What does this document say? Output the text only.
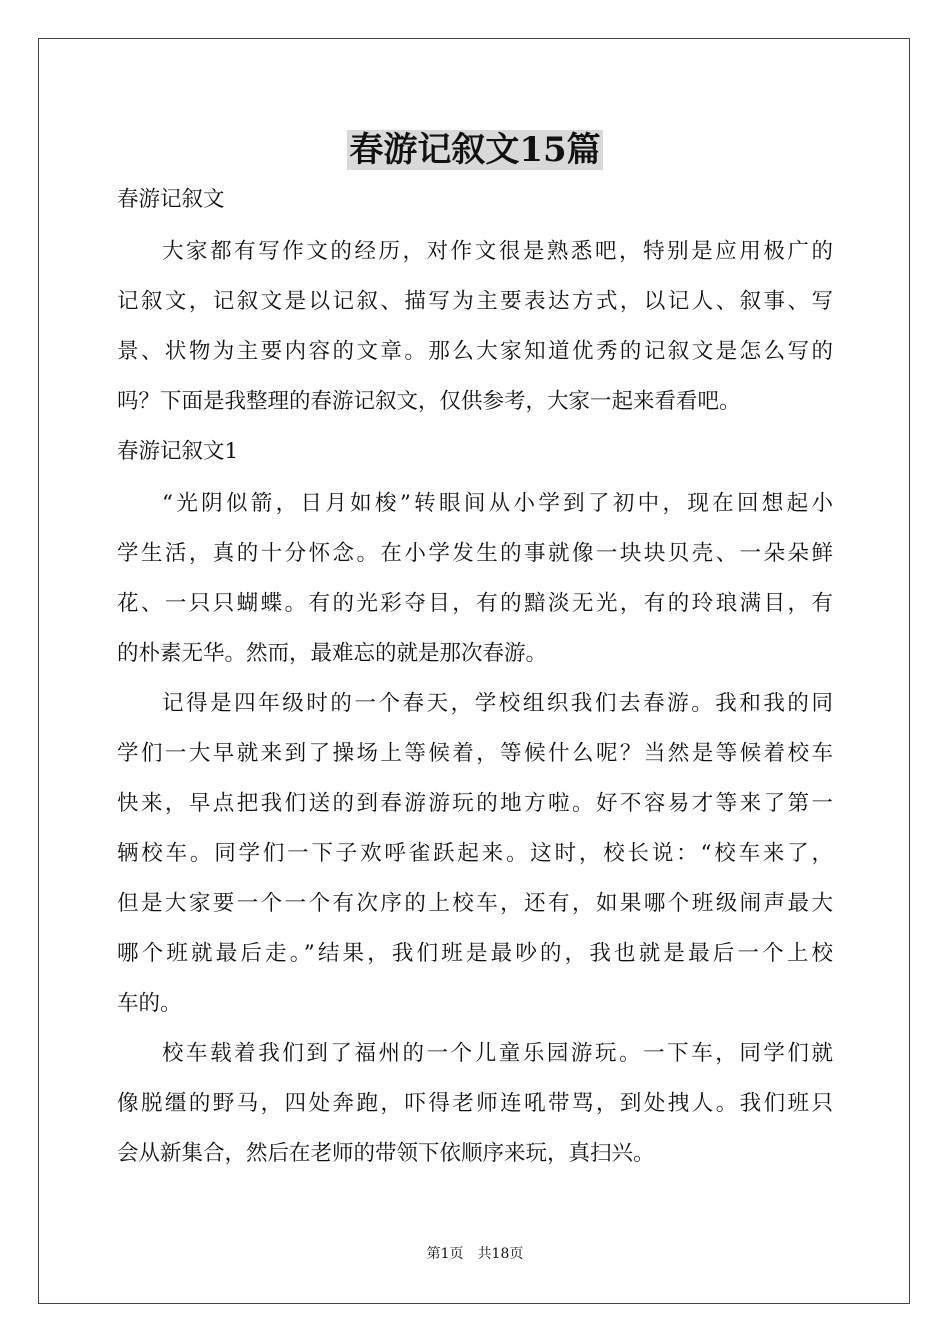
春游记叙文15篇
春游记叙文
大家都有写作文的经历，对作文很是熟悉吧，特别是应用极广的
记叙文，记叙文是以记叙、描写为主要表达方式，以记人、叙事、写
景、状物为主要内容的文章。那么大家知道优秀的记叙文是怎么写的
吗？下面是我整理的春游记叙文，仅供参考，大家一起来看看吧。
春游记叙文1
“光阴似箭，日月如梭”转眼间从小学到了初中，现在回想起小
学生活，真的十分怀念。在小学发生的事就像一块块贝壳、一朵朵鲜
花、一只只蝴蝶。有的光彩夺目，有的黯淡无光，有的玲琅满目，有
的朴素无华。然而，最难忘的就是那次春游。
记得是四年级时的一个春天，学校组织我们去春游。我和我的同
学们一大早就来到了操场上等候着，等候什么呢？当然是等候着校车
快来，早点把我们送的到春游游玩的地方啦。好不容易才等来了第一
辆校车。同学们一下子欢呼雀跃起来。这时，校长说：“校车来了，
但是大家要一个一个有次序的上校车，还有，如果哪个班级闹声最大
哪个班就最后走。”结果，我们班是最吵的，我也就是最后一个上校
车的。
校车载着我们到了福州的一个儿童乐园游玩。一下车，同学们就
像脱缰的野马，四处奔跑，吓得老师连吼带骂，到处拽人。我们班只
会从新集合，然后在老师的带领下依顺序来玩，真扫兴。
第1页　共18页
